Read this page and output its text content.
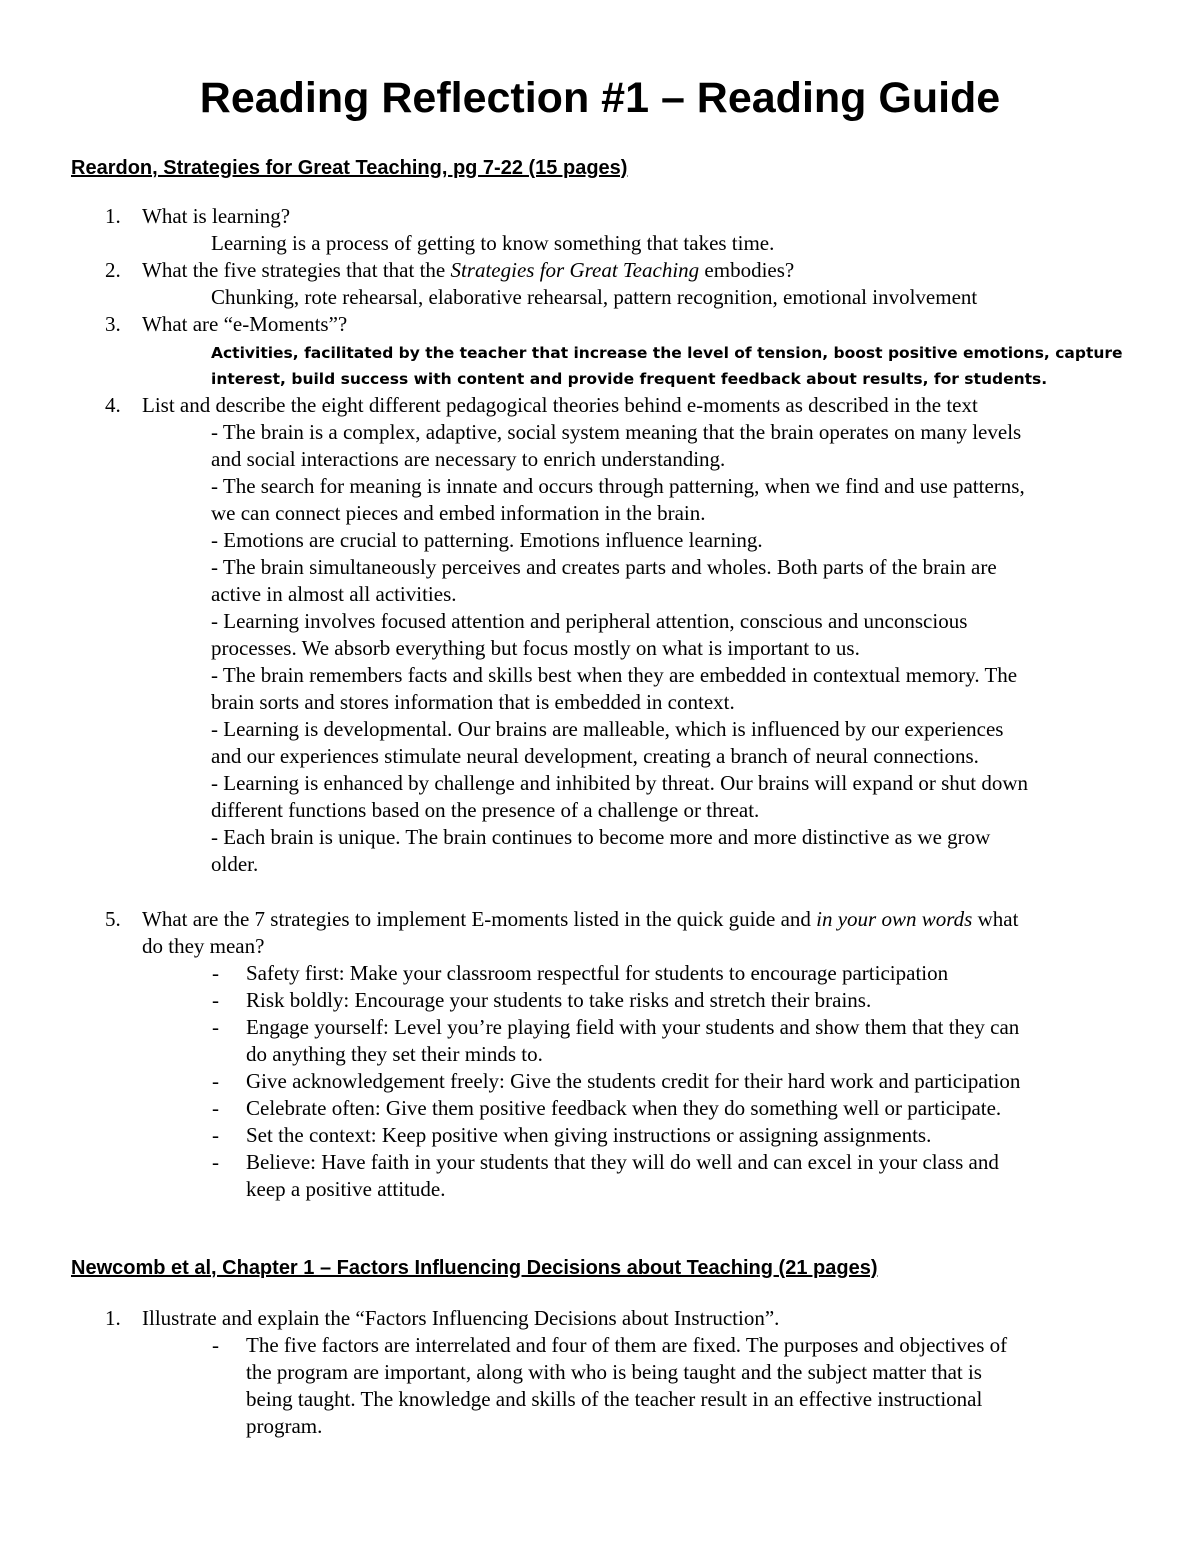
Reading Reflection #1 – Reading Guide
Reardon, Strategies for Great Teaching, pg 7-22 (15 pages)
1. What is learning?
Learning is a process of getting to know something that takes time.
2. What the five strategies that that the Strategies for Great Teaching embodies?
Chunking, rote rehearsal, elaborative rehearsal, pattern recognition, emotional involvement
3. What are “e-Moments”?
Activities, facilitated by the teacher that increase the level of tension, boost positive emotions, capture
interest, build success with content and provide frequent feedback about results, for students.
4. List and describe the eight different pedagogical theories behind e-moments as described in the text
- The brain is a complex, adaptive, social system meaning that the brain operates on many levels
and social interactions are necessary to enrich understanding.
- The search for meaning is innate and occurs through patterning, when we find and use patterns,
we can connect pieces and embed information in the brain.
- Emotions are crucial to patterning. Emotions influence learning.
- The brain simultaneously perceives and creates parts and wholes. Both parts of the brain are
active in almost all activities.
- Learning involves focused attention and peripheral attention, conscious and unconscious
processes. We absorb everything but focus mostly on what is important to us.
- The brain remembers facts and skills best when they are embedded in contextual memory. The
brain sorts and stores information that is embedded in context.
- Learning is developmental. Our brains are malleable, which is influenced by our experiences
and our experiences stimulate neural development, creating a branch of neural connections.
- Learning is enhanced by challenge and inhibited by threat. Our brains will expand or shut down
different functions based on the presence of a challenge or threat.
- Each brain is unique. The brain continues to become more and more distinctive as we grow
older.
5. What are the 7 strategies to implement E-moments listed in the quick guide and in your own words what
do they mean?
- Safety first: Make your classroom respectful for students to encourage participation
- Risk boldly: Encourage your students to take risks and stretch their brains.
- Engage yourself: Level you’re playing field with your students and show them that they can
do anything they set their minds to.
- Give acknowledgement freely: Give the students credit for their hard work and participation
- Celebrate often: Give them positive feedback when they do something well or participate.
- Set the context: Keep positive when giving instructions or assigning assignments.
- Believe: Have faith in your students that they will do well and can excel in your class and
keep a positive attitude.
Newcomb et al, Chapter 1 – Factors Influencing Decisions about Teaching (21 pages)
1. Illustrate and explain the “Factors Influencing Decisions about Instruction”.
- The five factors are interrelated and four of them are fixed. The purposes and objectives of
the program are important, along with who is being taught and the subject matter that is
being taught. The knowledge and skills of the teacher result in an effective instructional
program.
